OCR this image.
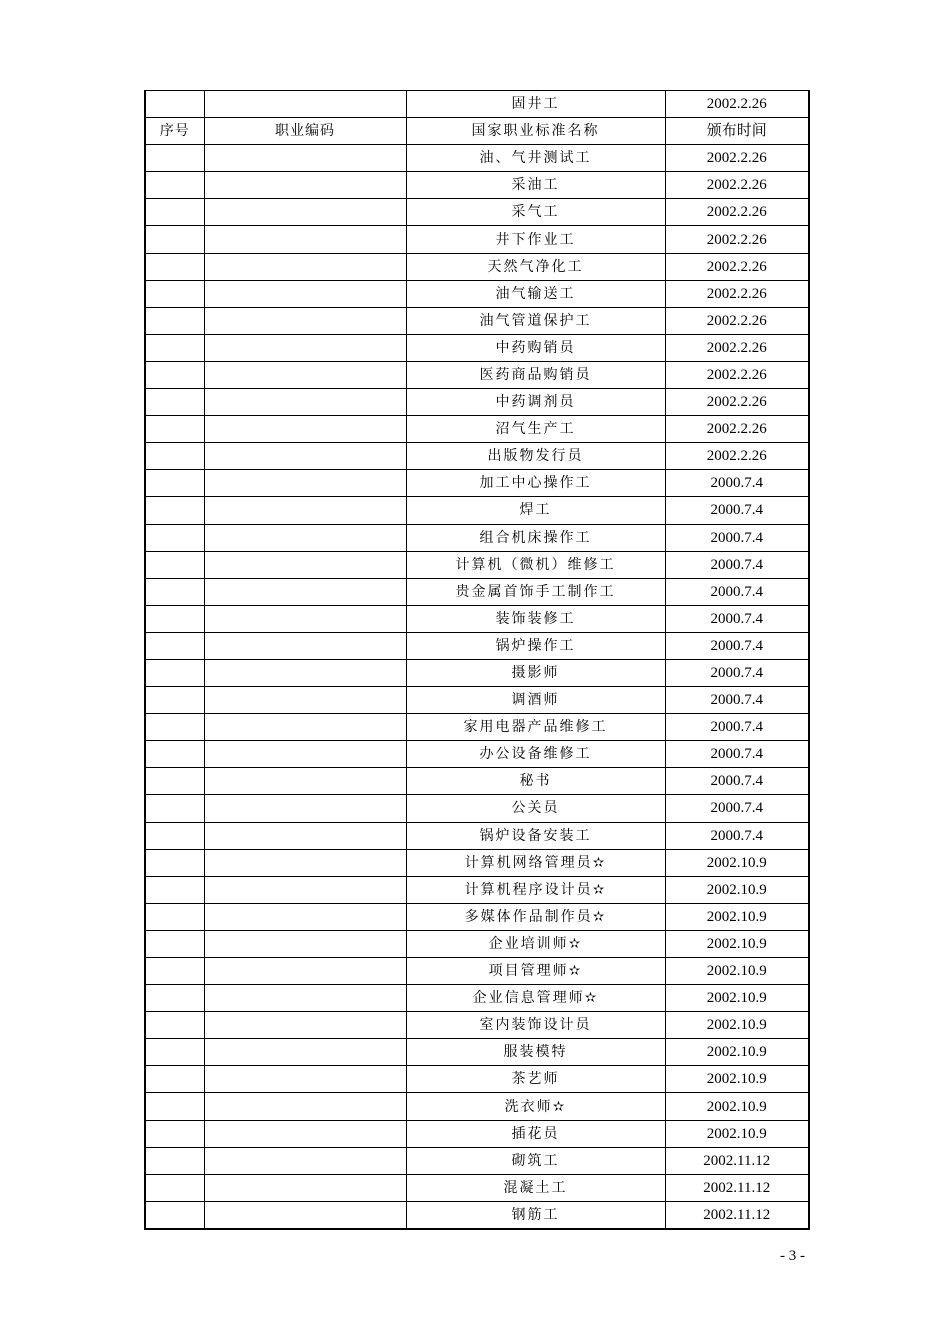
		固井工	2002.2.26
序号	职业编码	国家职业标准名称	颁布时间
		油、气井测试工	2002.2.26
		采油工	2002.2.26
		采气工	2002.2.26
		井下作业工	2002.2.26
		天然气净化工	2002.2.26
		油气输送工	2002.2.26
		油气管道保护工	2002.2.26
		中药购销员	2002.2.26
		医药商品购销员	2002.2.26
		中药调剂员	2002.2.26
		沼气生产工	2002.2.26
		出版物发行员	2002.2.26
		加工中心操作工	2000.7.4
		焊工	2000.7.4
		组合机床操作工	2000.7.4
		计算机（微机）维修工	2000.7.4
		贵金属首饰手工制作工	2000.7.4
		装饰装修工	2000.7.4
		锅炉操作工	2000.7.4
		摄影师	2000.7.4
		调酒师	2000.7.4
		家用电器产品维修工	2000.7.4
		办公设备维修工	2000.7.4
		秘书	2000.7.4
		公关员	2000.7.4
		锅炉设备安装工	2000.7.4
		计算机网络管理员✫	2002.10.9
		计算机程序设计员✫	2002.10.9
		多媒体作品制作员✫	2002.10.9
		企业培训师✫	2002.10.9
		项目管理师✫	2002.10.9
		企业信息管理师✫	2002.10.9
		室内装饰设计员	2002.10.9
		服装模特	2002.10.9
		茶艺师	2002.10.9
		洗衣师✫	2002.10.9
		插花员	2002.10.9
		砌筑工	2002.11.12
		混凝土工	2002.11.12
		钢筋工	2002.11.12
- 3 -
